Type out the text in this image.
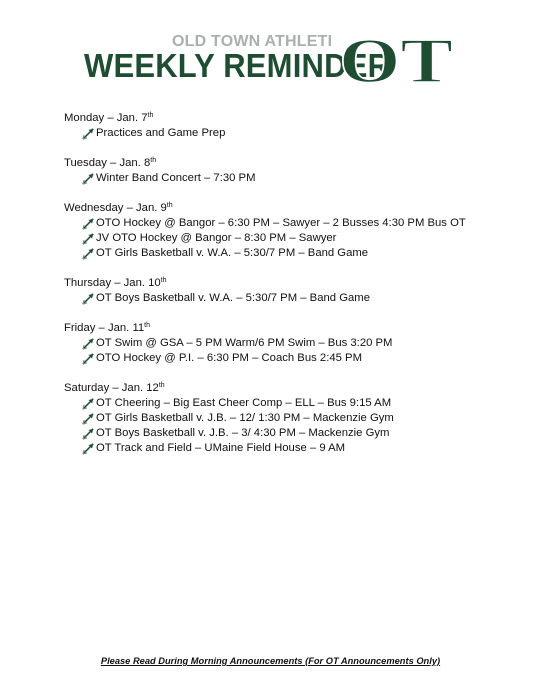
OLD TOWN ATHLETI
WEEKLY REMINDER
OT
Monday – Jan. 7th
Practices and Game Prep
Tuesday – Jan. 8th
Winter Band Concert – 7:30 PM
Wednesday – Jan. 9th
OTO Hockey @ Bangor – 6:30 PM – Sawyer – 2 Busses 4:30 PM Bus OT
JV OTO Hockey @ Bangor – 8:30 PM – Sawyer
OT Girls Basketball v. W.A. – 5:30/7 PM – Band Game
Thursday – Jan. 10th
OT Boys Basketball v. W.A. – 5:30/7 PM – Band Game
Friday – Jan. 11th
OT Swim @ GSA – 5 PM Warm/6 PM Swim – Bus 3:20 PM
OTO Hockey @ P.I. – 6:30 PM – Coach Bus 2:45 PM
Saturday – Jan. 12th
OT Cheering – Big East Cheer Comp – ELL – Bus 9:15 AM
OT Girls Basketball v. J.B. – 12/ 1:30 PM – Mackenzie Gym
OT Boys Basketball v. J.B. – 3/ 4:30 PM – Mackenzie Gym
OT Track and Field – UMaine Field House – 9 AM
Please Read During Morning Announcements (For OT Announcements Only)
